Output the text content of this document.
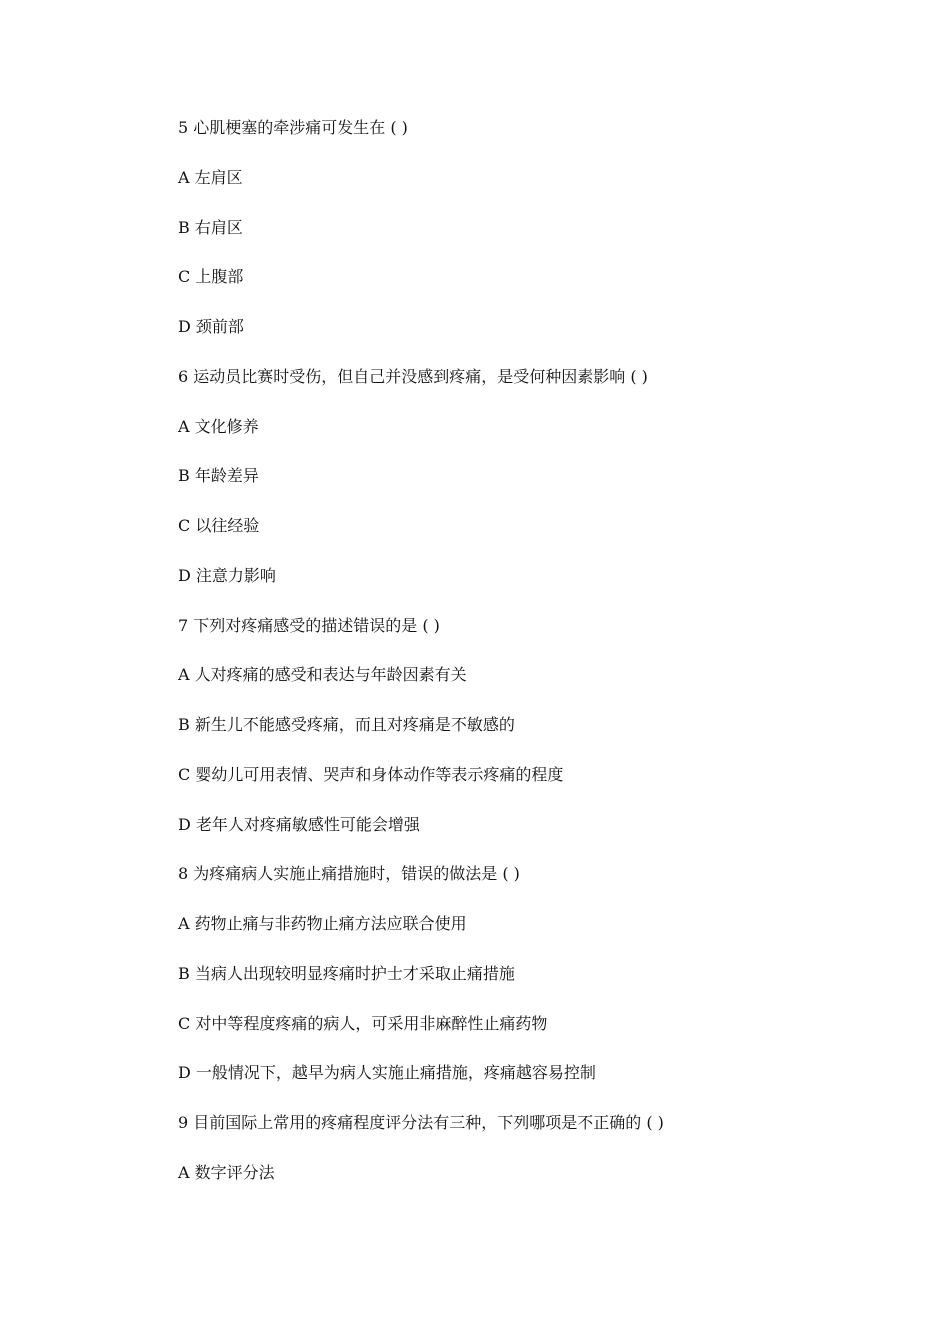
5 心肌梗塞的牵涉痛可发生在 ( )
A 左肩区
B 右肩区
C 上腹部
D 颈前部
6 运动员比赛时受伤，但自己并没感到疼痛，是受何种因素影响 ( )
A 文化修养
B 年龄差异
C 以往经验
D 注意力影响
7 下列对疼痛感受的描述错误的是 ( )
A 人对疼痛的感受和表达与年龄因素有关
B 新生儿不能感受疼痛，而且对疼痛是不敏感的
C 婴幼儿可用表情、哭声和身体动作等表示疼痛的程度
D 老年人对疼痛敏感性可能会增强
8 为疼痛病人实施止痛措施时，错误的做法是 ( )
A 药物止痛与非药物止痛方法应联合使用
B 当病人出现较明显疼痛时护士才采取止痛措施
C 对中等程度疼痛的病人，可采用非麻醉性止痛药物
D 一般情况下，越早为病人实施止痛措施，疼痛越容易控制
9 目前国际上常用的疼痛程度评分法有三种，下列哪项是不正确的 ( )
A 数字评分法
